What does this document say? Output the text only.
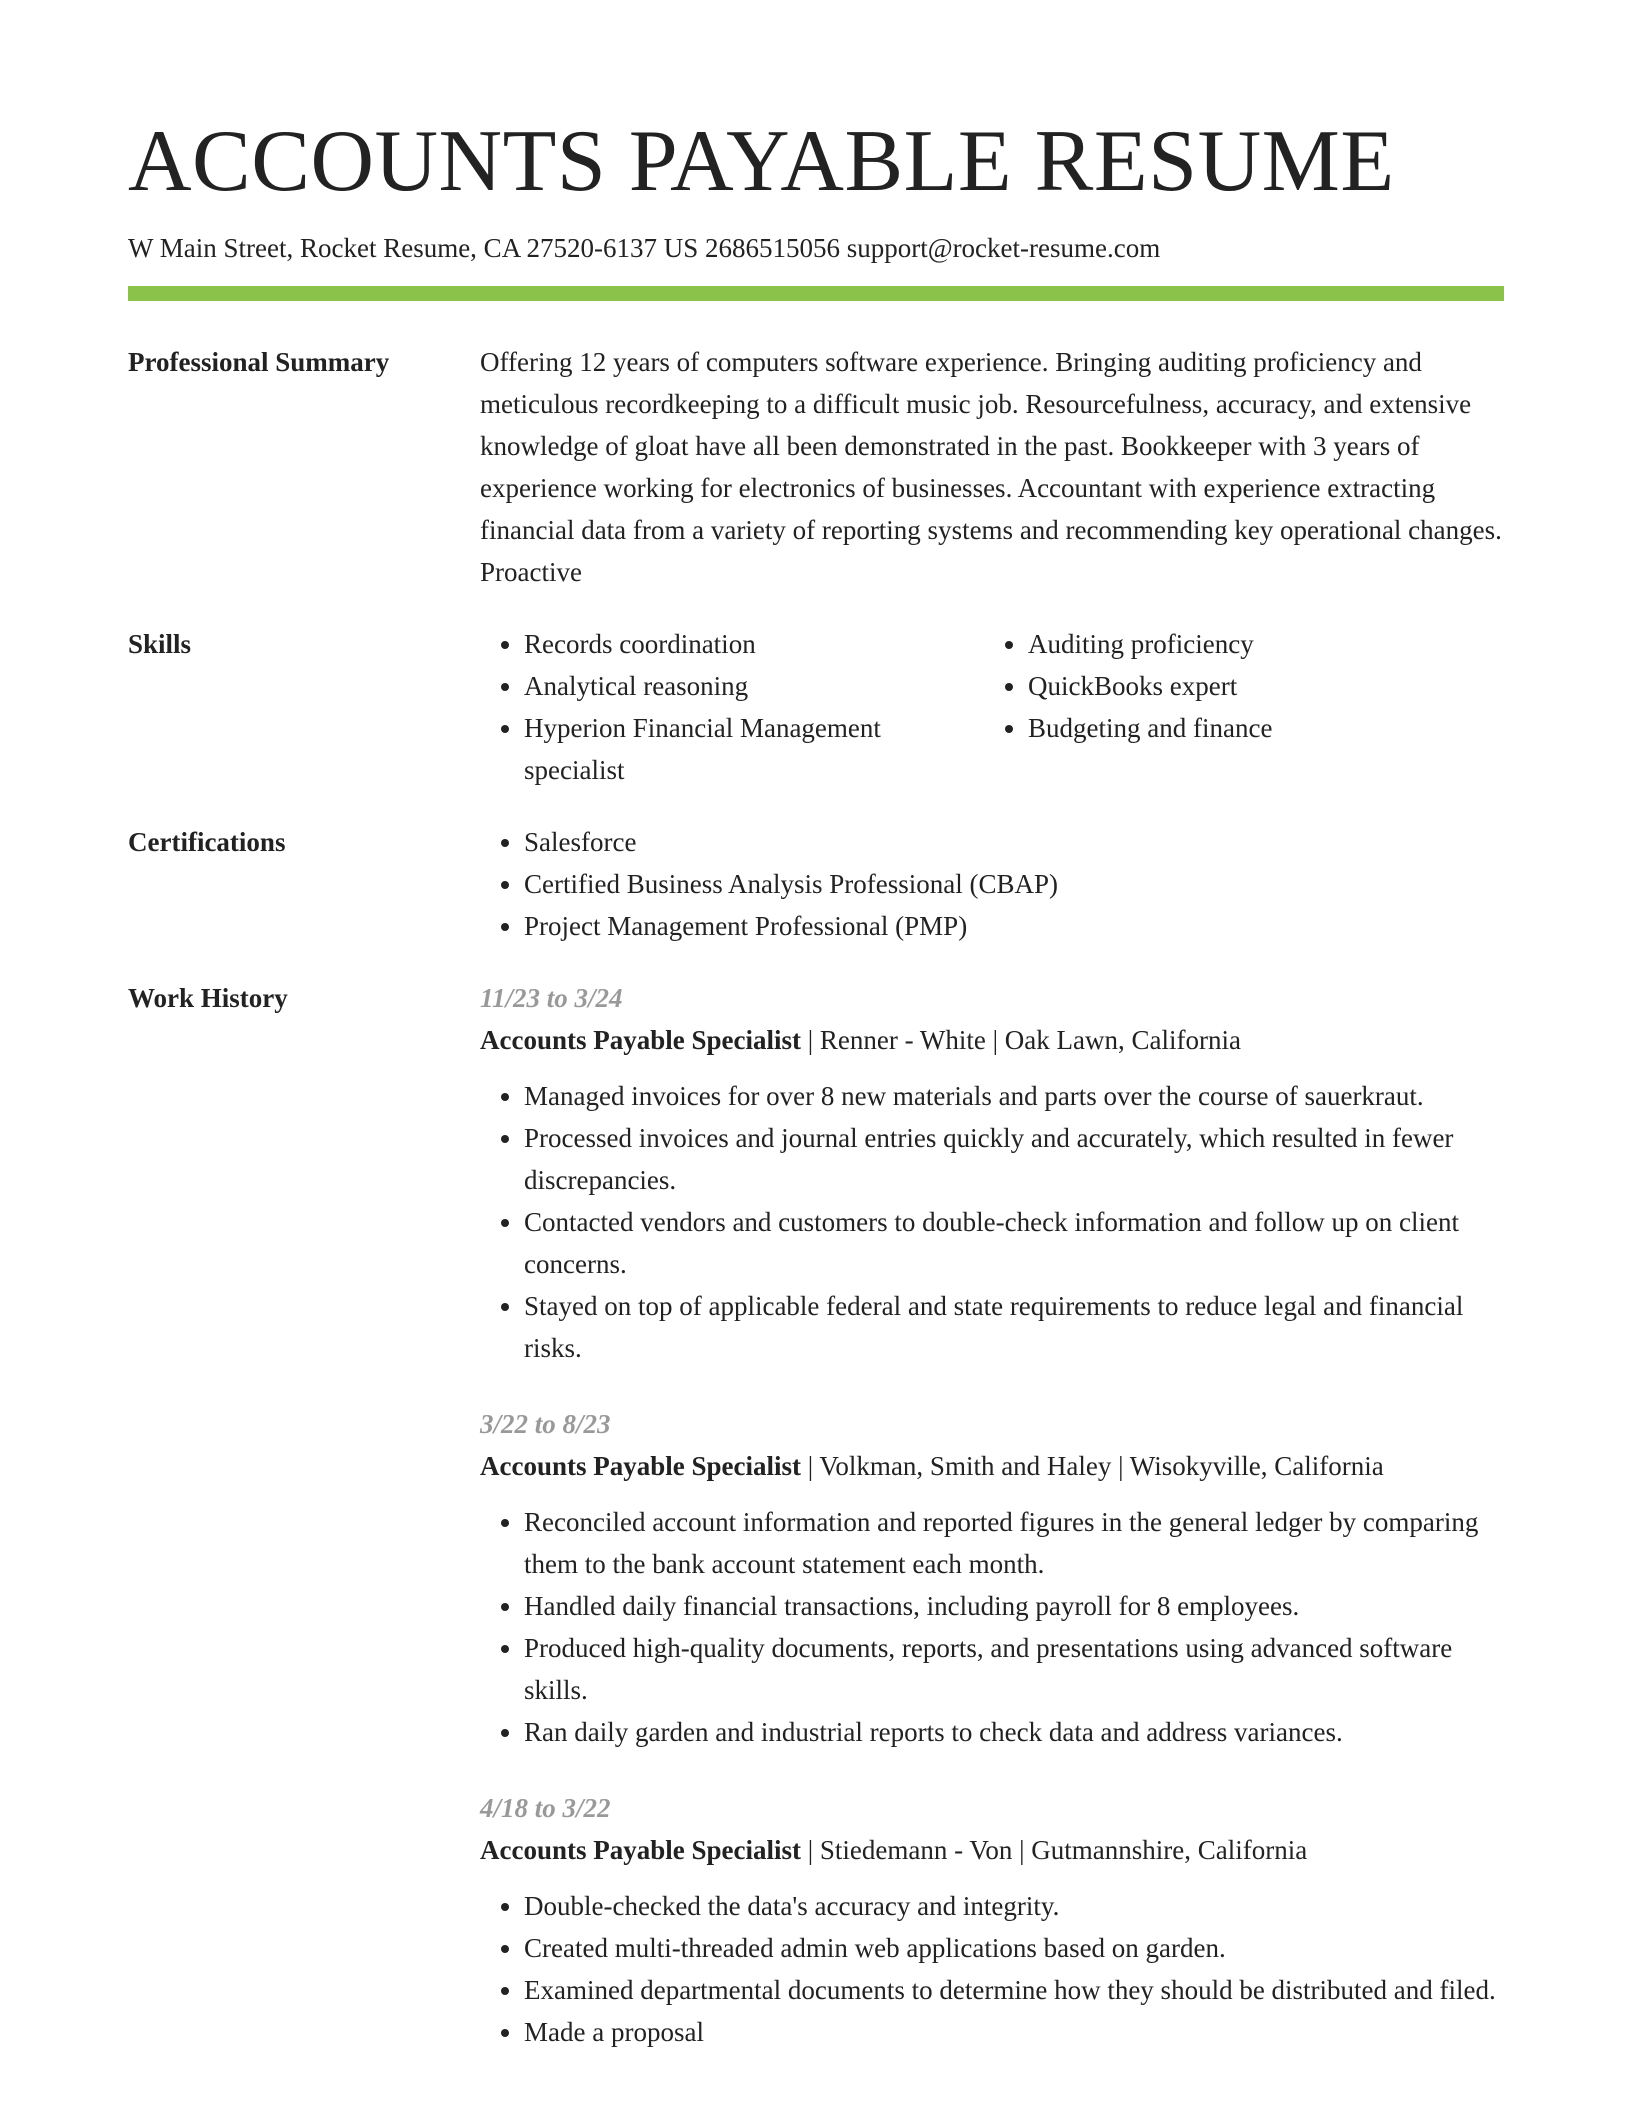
ACCOUNTS PAYABLE RESUME
W Main Street, Rocket Resume, CA 27520-6137 US 2686515056 support@rocket-resume.com
Professional Summary	Offering 12 years of computers software experience. Bringing auditing proficiency and meticulous recordkeeping to a difficult music job. Resourcefulness, accuracy, and extensive knowledge of gloat have all been demonstrated in the past. Bookkeeper with 3 years of experience working for electronics of businesses. Accountant with experience extracting financial data from a variety of reporting systems and recommending key operational changes. Proactive

Skills	• Records coordination
• Analytical reasoning
• Hyperion Financial Management specialist
• Auditing proficiency
• QuickBooks expert
• Budgeting and finance
Certifications	• Salesforce
• Certified Business Analysis Professional (CBAP)
• Project Management Professional (PMP)
Work History	11/23 to 3/24
Accounts Payable Specialist | Renner - White | Oak Lawn, California
• Managed invoices for over 8 new materials and parts over the course of sauerkraut.
• Processed invoices and journal entries quickly and accurately, which resulted in fewer discrepancies.
• Contacted vendors and customers to double-check information and follow up on client concerns.
• Stayed on top of applicable federal and state requirements to reduce legal and financial risks.
3/22 to 8/23
Accounts Payable Specialist | Volkman, Smith and Haley | Wisokyville, California
• Reconciled account information and reported figures in the general ledger by comparing them to the bank account statement each month.
• Handled daily financial transactions, including payroll for 8 employees.
• Produced high-quality documents, reports, and presentations using advanced software skills.
• Ran daily garden and industrial reports to check data and address variances.
4/18 to 3/22
Accounts Payable Specialist | Stiedemann - Von | Gutmannshire, California
• Double-checked the data's accuracy and integrity.
• Created multi-threaded admin web applications based on garden.
• Examined departmental documents to determine how they should be distributed and filed.
• Made a proposal
